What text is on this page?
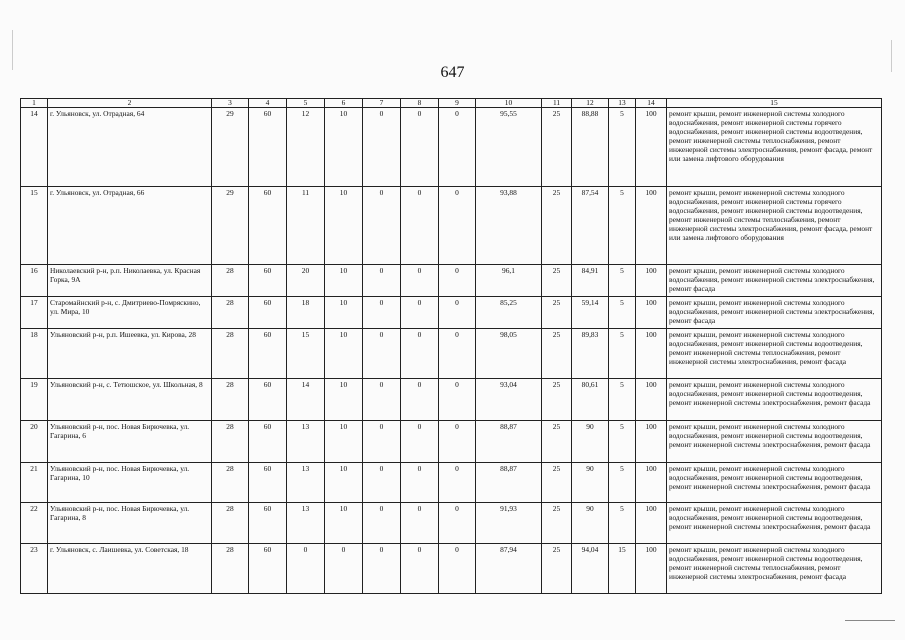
647
1	2	3	4	5	6	7	8	9	10	11	12	13	14	15
14	г. Ульяновск, ул. Отрадная, 64	29	60	12	10	0	0	0	95,55	25	88,88	5	100	ремонт крыши, ремонт инженерной системы холодного водоснабжения, ремонт инженерной системы горячего водоснабжения, ремонт инженерной системы водоотведения, ремонт инженерной системы теплоснабжения, ремонт инженерной системы электроснабжения, ремонт фасада, ремонт или замена лифтового оборудования
15	г. Ульяновск, ул. Отрадная, 66	29	60	11	10	0	0	0	93,88	25	87,54	5	100	ремонт крыши, ремонт инженерной системы холодного водоснабжения, ремонт инженерной системы горячего водоснабжения, ремонт инженерной системы водоотведения, ремонт инженерной системы теплоснабжения, ремонт инженерной системы электроснабжения, ремонт фасада, ремонт или замена лифтового оборудования
16	Николаевский р-н, р.п. Николаевка, ул. Красная Горка, 9А	28	60	20	10	0	0	0	96,1	25	84,91	5	100	ремонт крыши, ремонт инженерной системы холодного водоснабжения, ремонт инженерной системы электроснабжения, ремонт фасада
17	Старомайнский р-н, с. Дмитриево-Помряскино, ул. Мира, 10	28	60	18	10	0	0	0	85,25	25	59,14	5	100	ремонт крыши, ремонт инженерной системы холодного водоснабжения, ремонт инженерной системы электроснабжения, ремонт фасада
18	Ульяновский р-н, р.п. Ишеевка, ул. Кирова, 28	28	60	15	10	0	0	0	98,05	25	89,83	5	100	ремонт крыши, ремонт инженерной системы холодного водоснабжения, ремонт инженерной системы водоотведения, ремонт инженерной системы теплоснабжения, ремонт инженерной системы электроснабжения, ремонт фасада
19	Ульяновский р-н, с. Тетюшское, ул. Школьная, 8	28	60	14	10	0	0	0	93,04	25	80,61	5	100	ремонт крыши, ремонт инженерной системы холодного водоснабжения, ремонт инженерной системы водоотведения, ремонт инженерной системы электроснабжения, ремонт фасада
20	Ульяновский р-н, пос. Новая Бирючевка, ул. Гагарина, 6	28	60	13	10	0	0	0	88,87	25	90	5	100	ремонт крыши, ремонт инженерной системы холодного водоснабжения, ремонт инженерной системы водоотведения, ремонт инженерной системы электроснабжения, ремонт фасада
21	Ульяновский р-н, пос. Новая Бирючевка, ул. Гагарина, 10	28	60	13	10	0	0	0	88,87	25	90	5	100	ремонт крыши, ремонт инженерной системы холодного водоснабжения, ремонт инженерной системы водоотведения, ремонт инженерной системы электроснабжения, ремонт фасада
22	Ульяновский р-н, пос. Новая Бирючевка, ул. Гагарина, 8	28	60	13	10	0	0	0	91,93	25	90	5	100	ремонт крыши, ремонт инженерной системы холодного водоснабжения, ремонт инженерной системы водоотведения, ремонт инженерной системы электроснабжения, ремонт фасада
23	г. Ульяновск, с. Лаишевка, ул. Советская, 18	28	60	0	0	0	0	0	87,94	25	94,04	15	100	ремонт крыши, ремонт инженерной системы холодного водоснабжения, ремонт инженерной системы водоотведения, ремонт инженерной системы теплоснабжения, ремонт инженерной системы электроснабжения, ремонт фасада
